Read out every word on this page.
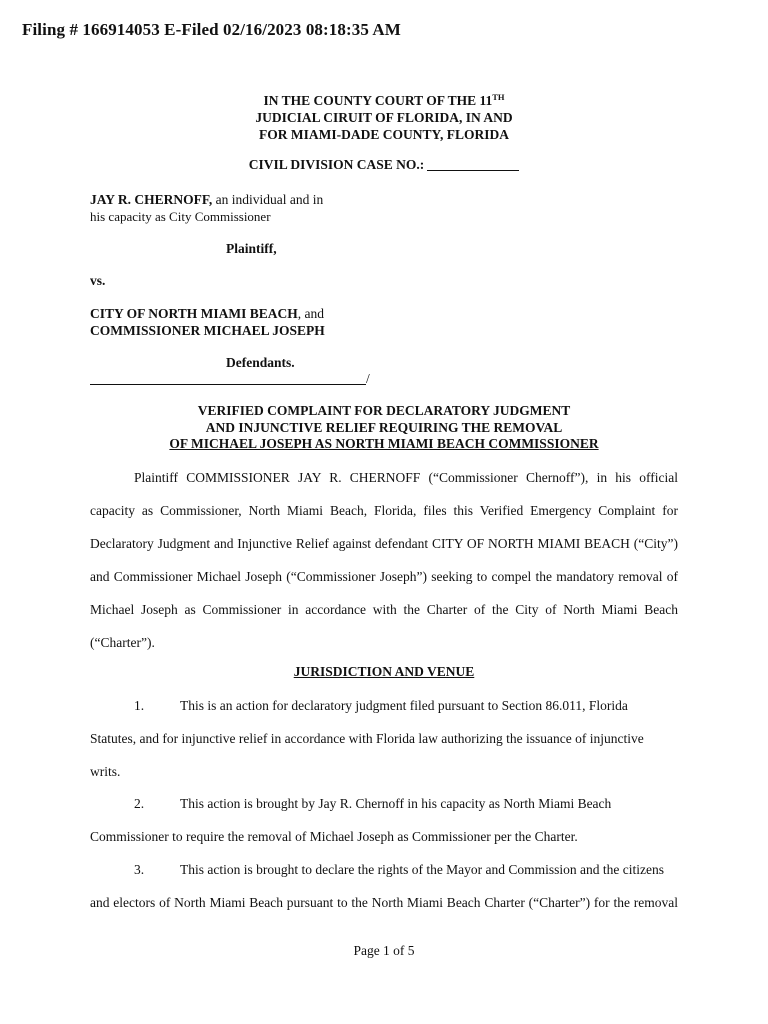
Filing # 166914053 E-Filed 02/16/2023 08:18:35 AM
IN THE COUNTY COURT OF THE 11TH
JUDICIAL CIRUIT OF FLORIDA, IN AND
FOR MIAMI-DADE COUNTY, FLORIDA
CIVIL DIVISION CASE NO.:
JAY R. CHERNOFF, an individual and in
his capacity as City Commissioner
Plaintiff,
vs.
CITY OF NORTH MIAMI BEACH, and
COMMISSIONER MICHAEL JOSEPH
Defendants.
/
VERIFIED COMPLAINT FOR DECLARATORY JUDGMENT
AND INJUNCTIVE RELIEF REQUIRING THE REMOVAL
OF MICHAEL JOSEPH AS NORTH MIAMI BEACH COMMISSIONER
Plaintiff COMMISSIONER JAY R. CHERNOFF (“Commissioner Chernoff”), in his official
capacity as Commissioner, North Miami Beach, Florida, files this Verified Emergency Complaint for
Declaratory Judgment and Injunctive Relief against defendant CITY OF NORTH MIAMI BEACH (“City”)
and Commissioner Michael Joseph (“Commissioner Joseph”) seeking to compel the mandatory removal of
Michael Joseph as Commissioner in accordance with the Charter of the City of North Miami Beach
(“Charter”).
JURISDICTION AND VENUE
1.	This is an action for declaratory judgment filed pursuant to Section 86.011, Florida
Statutes, and for injunctive relief in accordance with Florida law authorizing the issuance of injunctive
writs.
2.	This action is brought by Jay R. Chernoff in his capacity as North Miami Beach
Commissioner to require the removal of Michael Joseph as Commissioner per the Charter.
3.	This action is brought to declare the rights of the Mayor and Commission and the citizens
and electors of North Miami Beach pursuant to the North Miami Beach Charter (“Charter”) for the removal
Page 1 of 5
